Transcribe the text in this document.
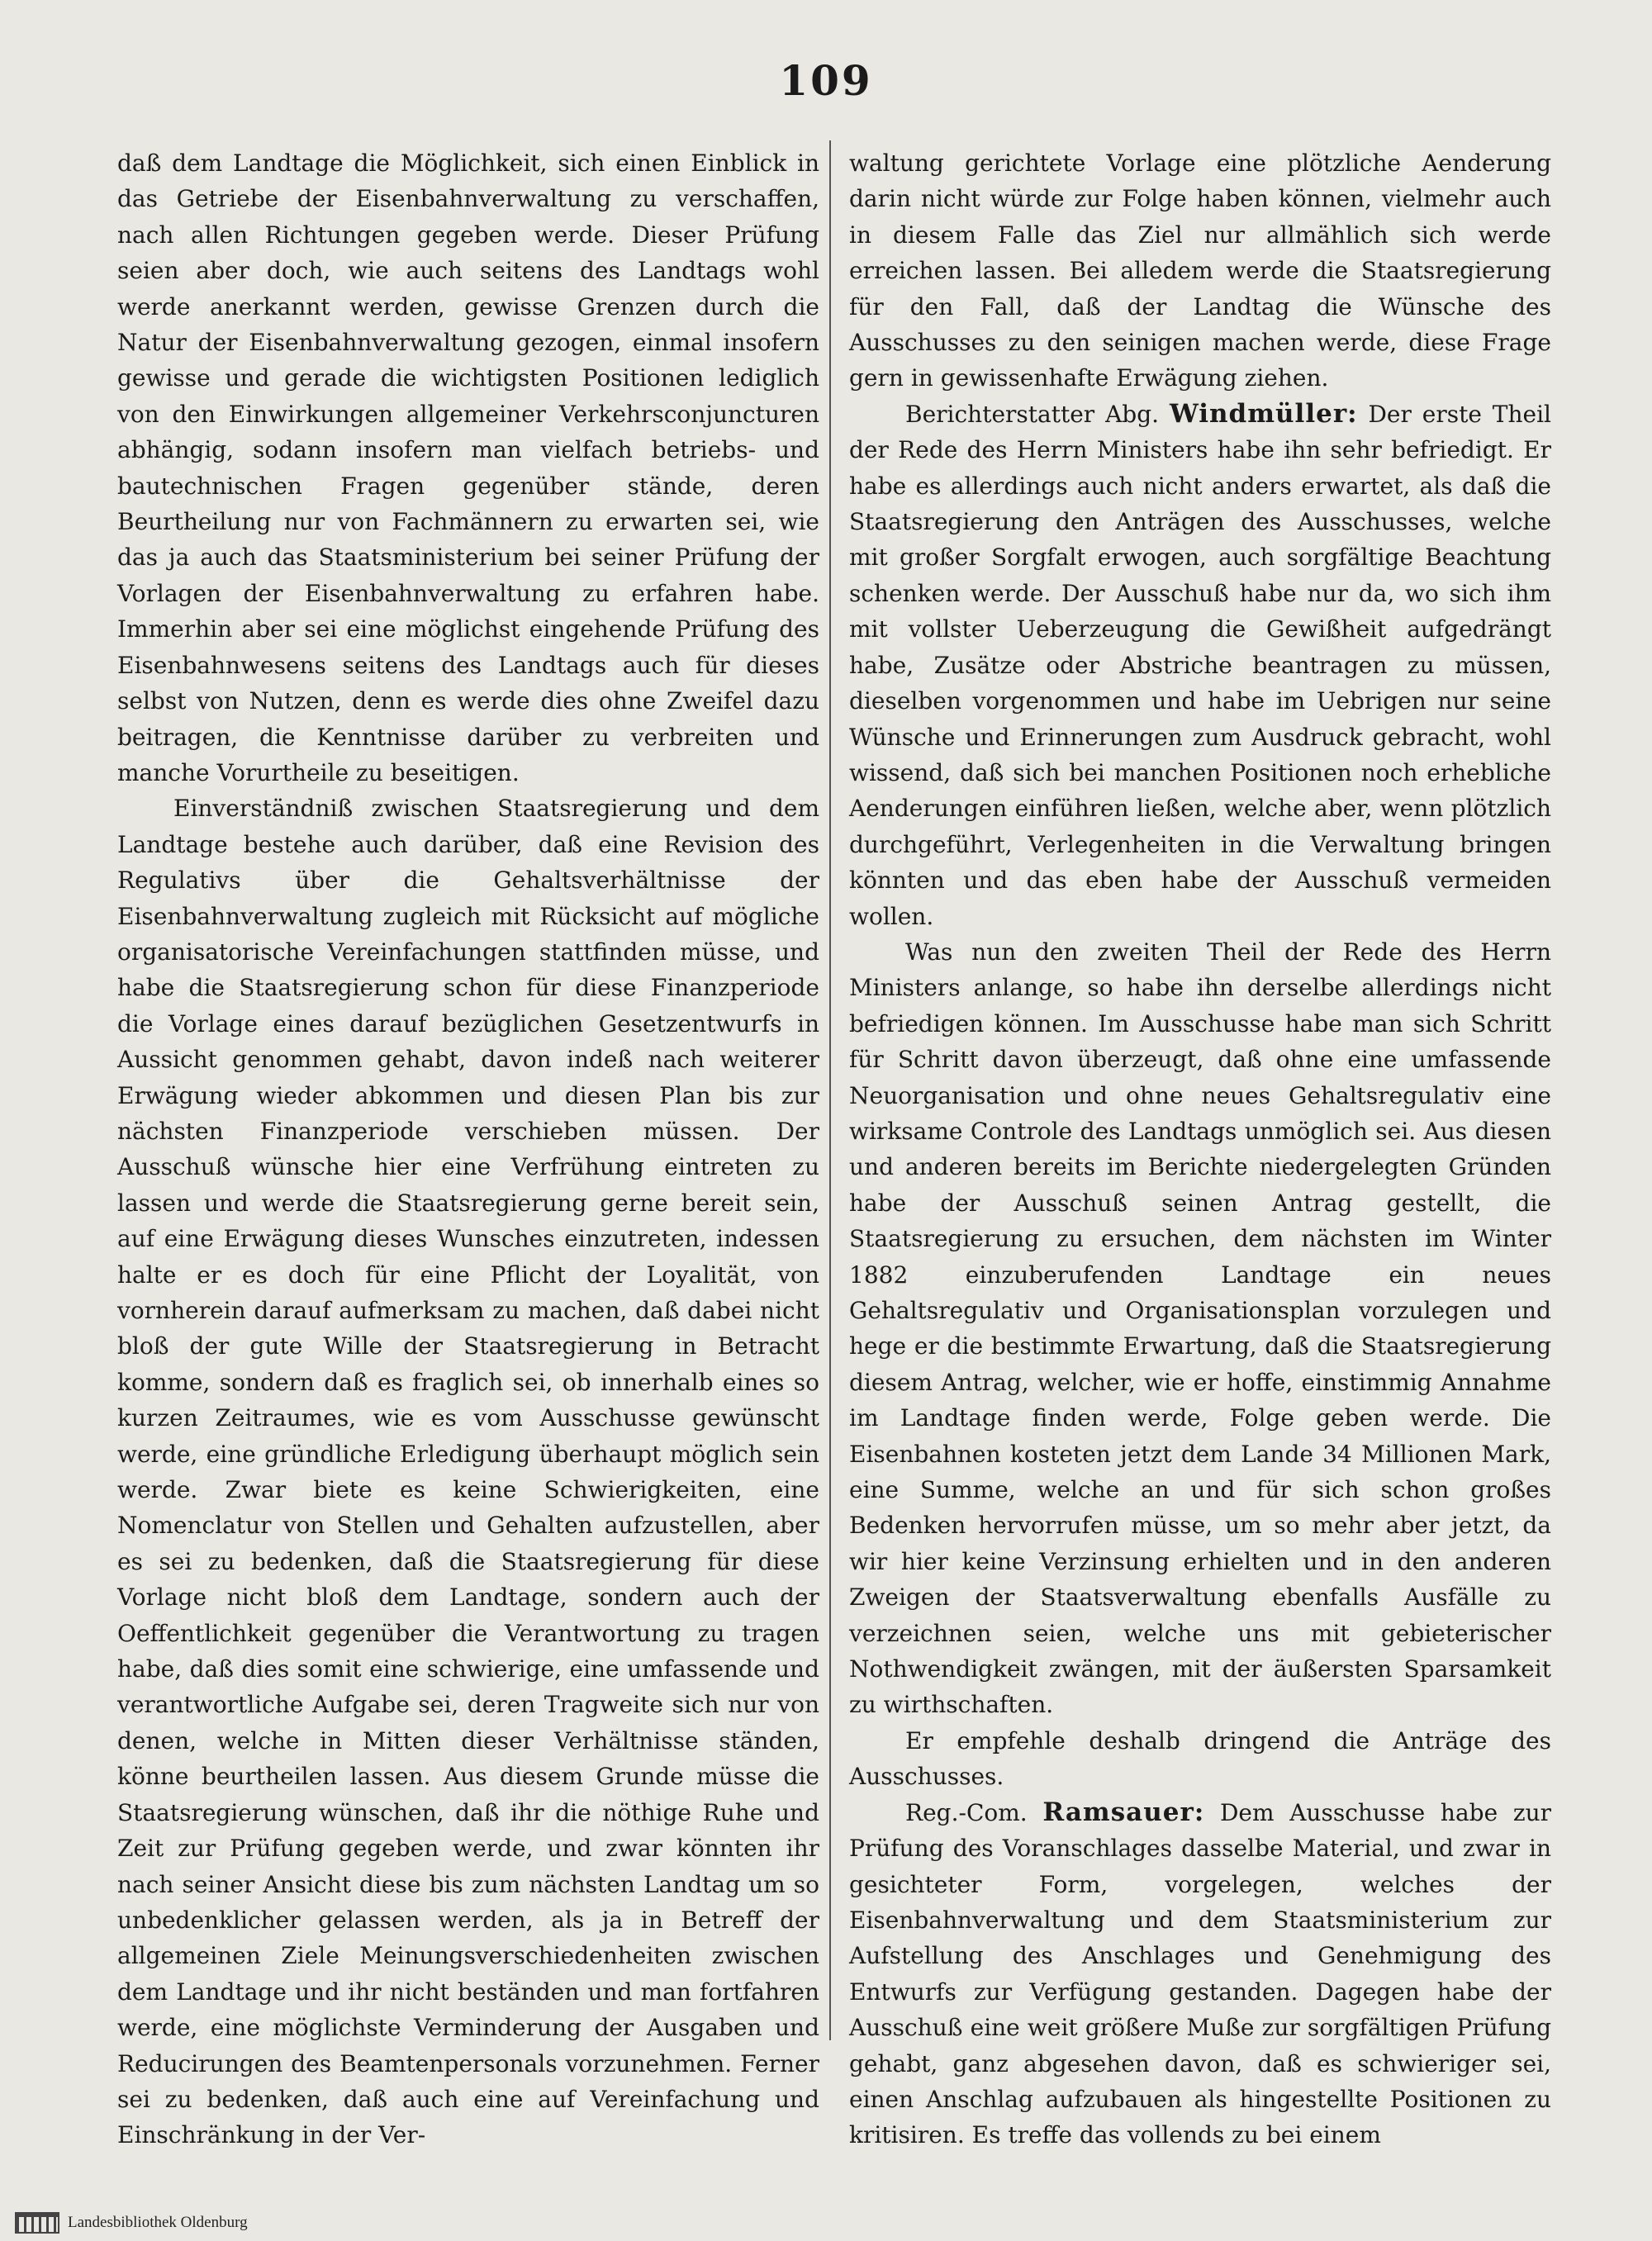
109

daß dem Landtage die Möglichkeit, sich einen Einblick in das Getriebe der Eisenbahnverwaltung zu verschaffen, nach allen Richtungen gegeben werde. Dieser Prüfung seien aber doch, wie auch seitens des Landtags wohl werde anerkannt werden, gewisse Grenzen durch die Natur der Eisenbahnverwaltung gezogen, einmal insofern gewisse und gerade die wichtigsten Positionen lediglich von den Einwirkungen allgemeiner Verkehrsconjuncturen abhängig, sodann insofern man vielfach betriebs- und bautechnischen Fragen gegenüber stände, deren Beurtheilung nur von Fachmännern zu erwarten sei, wie das ja auch das Staatsministerium bei seiner Prüfung der Vorlagen der Eisenbahnverwaltung zu erfahren habe. Immerhin aber sei eine möglichst eingehende Prüfung des Eisenbahnwesens seitens des Landtags auch für dieses selbst von Nutzen, denn es werde dies ohne Zweifel dazu beitragen, die Kenntnisse darüber zu verbreiten und manche Vorurtheile zu beseitigen.

Einverständniß zwischen Staatsregierung und dem Landtage bestehe auch darüber, daß eine Revision des Regulativs über die Gehaltsverhältnisse der Eisenbahnverwaltung zugleich mit Rücksicht auf mögliche organisatorische Vereinfachungen stattfinden müsse, und habe die Staatsregierung schon für diese Finanzperiode die Vorlage eines darauf bezüglichen Gesetzentwurfs in Aussicht genommen gehabt, davon indeß nach weiterer Erwägung wieder abkommen und diesen Plan bis zur nächsten Finanzperiode verschieben müssen. Der Ausschuß wünsche hier eine Verfrühung eintreten zu lassen und werde die Staatsregierung gerne bereit sein, auf eine Erwägung dieses Wunsches einzutreten, indessen halte er es doch für eine Pflicht der Loyalität, von vornherein darauf aufmerksam zu machen, daß dabei nicht bloß der gute Wille der Staatsregierung in Betracht komme, sondern daß es fraglich sei, ob innerhalb eines so kurzen Zeitraumes, wie es vom Ausschusse gewünscht werde, eine gründliche Erledigung überhaupt möglich sein werde. Zwar biete es keine Schwierigkeiten, eine Nomenclatur von Stellen und Gehalten aufzustellen, aber es sei zu bedenken, daß die Staatsregierung für diese Vorlage nicht bloß dem Landtage, sondern auch der Oeffentlichkeit gegenüber die Verantwortung zu tragen habe, daß dies somit eine schwierige, eine umfassende und verantwortliche Aufgabe sei, deren Tragweite sich nur von denen, welche in Mitten dieser Verhältnisse ständen, könne beurtheilen lassen. Aus diesem Grunde müsse die Staatsregierung wünschen, daß ihr die nöthige Ruhe und Zeit zur Prüfung gegeben werde, und zwar könnten ihr nach seiner Ansicht diese bis zum nächsten Landtag um so unbedenklicher gelassen werden, als ja in Betreff der allgemeinen Ziele Meinungsverschiedenheiten zwischen dem Landtage und ihr nicht beständen und man fortfahren werde, eine möglichste Verminderung der Ausgaben und Reducirungen des Beamtenpersonals vorzunehmen. Ferner sei zu bedenken, daß auch eine auf Vereinfachung und Einschränkung in der Ver-

waltung gerichtete Vorlage eine plötzliche Aenderung darin nicht würde zur Folge haben können, vielmehr auch in diesem Falle das Ziel nur allmählich sich werde erreichen lassen. Bei alledem werde die Staatsregierung für den Fall, daß der Landtag die Wünsche des Ausschusses zu den seinigen machen werde, diese Frage gern in gewissenhafte Erwägung ziehen.

Berichterstatter Abg. Windmüller: Der erste Theil der Rede des Herrn Ministers habe ihn sehr befriedigt. Er habe es allerdings auch nicht anders erwartet, als daß die Staatsregierung den Anträgen des Ausschusses, welche mit großer Sorgfalt erwogen, auch sorgfältige Beachtung schenken werde. Der Ausschuß habe nur da, wo sich ihm mit vollster Ueberzeugung die Gewißheit aufgedrängt habe, Zusätze oder Abstriche beantragen zu müssen, dieselben vorgenommen und habe im Uebrigen nur seine Wünsche und Erinnerungen zum Ausdruck gebracht, wohl wissend, daß sich bei manchen Positionen noch erhebliche Aenderungen einführen ließen, welche aber, wenn plötzlich durchgeführt, Verlegenheiten in die Verwaltung bringen könnten und das eben habe der Ausschuß vermeiden wollen.

Was nun den zweiten Theil der Rede des Herrn Ministers anlange, so habe ihn derselbe allerdings nicht befriedigen können. Im Ausschusse habe man sich Schritt für Schritt davon überzeugt, daß ohne eine umfassende Neuorganisation und ohne neues Gehaltsregulativ eine wirksame Controle des Landtags unmöglich sei. Aus diesen und anderen bereits im Berichte niedergelegten Gründen habe der Ausschuß seinen Antrag gestellt, die Staatsregierung zu ersuchen, dem nächsten im Winter 1882 einzuberufenden Landtage ein neues Gehaltsregulativ und Organisationsplan vorzulegen und hege er die bestimmte Erwartung, daß die Staatsregierung diesem Antrag, welcher, wie er hoffe, einstimmig Annahme im Landtage finden werde, Folge geben werde. Die Eisenbahnen kosteten jetzt dem Lande 34 Millionen Mark, eine Summe, welche an und für sich schon großes Bedenken hervorrufen müsse, um so mehr aber jetzt, da wir hier keine Verzinsung erhielten und in den anderen Zweigen der Staatsverwaltung ebenfalls Ausfälle zu verzeichnen seien, welche uns mit gebieterischer Nothwendigkeit zwängen, mit der äußersten Sparsamkeit zu wirthschaften.

Er empfehle deshalb dringend die Anträge des Ausschusses.

Reg.-Com. Ramsauer: Dem Ausschusse habe zur Prüfung des Voranschlages dasselbe Material, und zwar in gesichteter Form, vorgelegen, welches der Eisenbahnverwaltung und dem Staatsministerium zur Aufstellung des Anschlages und Genehmigung des Entwurfs zur Verfügung gestanden. Dagegen habe der Ausschuß eine weit größere Muße zur sorgfältigen Prüfung gehabt, ganz abgesehen davon, daß es schwieriger sei, einen Anschlag aufzubauen als hingestellte Positionen zu kritisiren. Es treffe das vollends zu bei einem

Landesbibliothek Oldenburg
